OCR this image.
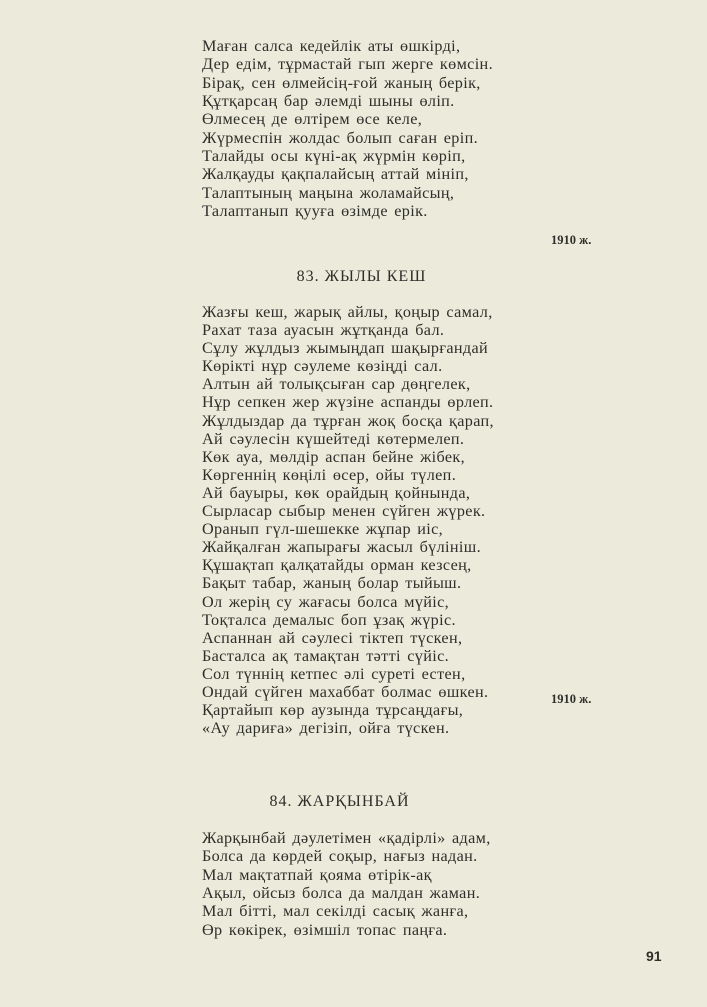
Маған салса кедейлік аты өшкірді,
Дер едім, тұрмастай гып жерге көмсін.
Бірақ, сен өлмейсің-ғой жаның берік,
Құтқарсаң бар әлемді шыны өліп.
Өлмесең де өлтірем өсе келе,
Жүрмеспін жолдас болып саған еріп.
Талайды осы күні-ақ жүрмін көріп,
Жалқауды қақпалайсың аттай мініп,
Талаптының маңына жоламайсың,
Талаптанып қууға өзімде ерік.
1910 ж.
83. ЖЫЛЫ КЕШ
Жазғы кеш, жарық айлы, қоңыр самал,
Рахат таза ауасын жұтқанда бал.
Сұлу жұлдыз жымыңдап шақырғандай
Көрікті нұр сәулеме көзіңді сал.
Алтын ай толықсыған сар дөңгелек,
Нұр сепкен жер жүзіне аспанды өрлеп.
Жұлдыздар да тұрған жоқ босқа қарап,
Ай сәулесін күшейтеді көтермелеп.
Көк ауа, мөлдір аспан бейне жібек,
Көргеннің көңілі өсер, ойы түлеп.
Ай бауыры, көк орайдың қойнында,
Сырласар сыбыр менен сүйген жүрек.
Оранып гүл-шешекке жұпар иіс,
Жайқалған жапырағы жасыл бүлініш.
Құшақтап қалқатайды орман кезсең,
Бақыт табар, жаның болар тыйыш.
Ол жерің су жағасы болса мүйіс,
Тоқталса демалыс боп ұзақ жүріс.
Аспаннан ай сәулесі тіктеп түскен,
Басталса ақ тамақтан тәтті сүйіс.
Сол түннің кетпес әлі суреті естен,
Ондай сүйген махаббат болмас өшкен.
Қартайып көр аузында тұрсаңдағы,
«Ау дариға» дегізіп, ойға түскен.
1910 ж.
84. ЖАРҚЫНБАЙ
Жарқынбай дәулетімен «қадірлі» адам,
Болса да көрдей соқыр, нағыз надан.
Мал мақтатпай қояма өтірік-ақ
Ақыл, ойсыз болса да малдан жаман.
Мал бітті, мал секілді сасық жанға,
Өр көкірек, өзімшіл топас паңға.
91
